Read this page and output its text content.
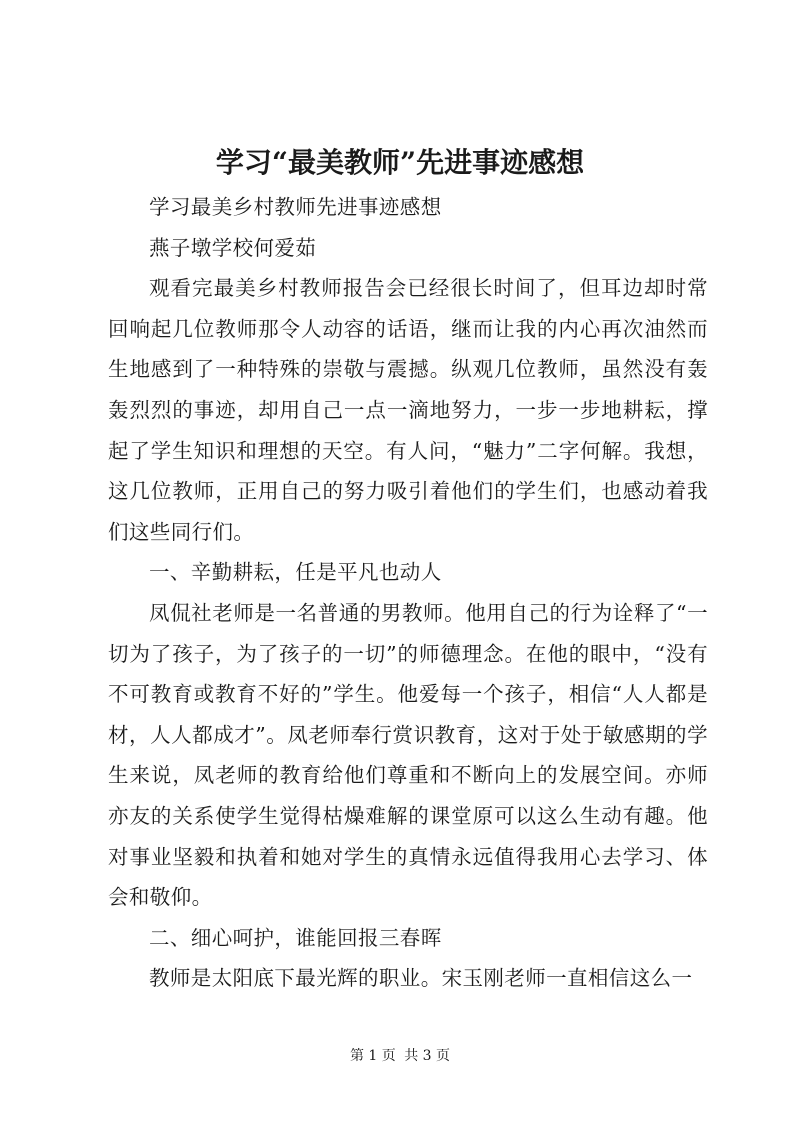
学习“最美教师”先进事迹感想

学习最美乡村教师先进事迹感想

燕子墩学校何爱茹

观看完最美乡村教师报告会已经很长时间了，但耳边却时常回响起几位教师那令人动容的话语，继而让我的内心再次油然而生地感到了一种特殊的崇敬与震撼。纵观几位教师，虽然没有轰轰烈烈的事迹，却用自己一点一滴地努力，一步一步地耕耘，撑起了学生知识和理想的天空。有人问，“魅力”二字何解。我想，这几位教师，正用自己的努力吸引着他们的学生们，也感动着我们这些同行们。

一、辛勤耕耘，任是平凡也动人

凤侃社老师是一名普通的男教师。他用自己的行为诠释了“一切为了孩子，为了孩子的一切”的师德理念。在他的眼中，“没有不可教育或教育不好的”学生。他爱每一个孩子，相信“人人都是材，人人都成才”。凤老师奉行赏识教育，这对于处于敏感期的学生来说，凤老师的教育给他们尊重和不断向上的发展空间。亦师亦友的关系使学生觉得枯燥难解的课堂原可以这么生动有趣。他对事业坚毅和执着和她对学生的真情永远值得我用心去学习、体会和敬仰。

二、细心呵护，谁能回报三春晖

教师是太阳底下最光辉的职业。宋玉刚老师一直相信这么一

第 1 页 共 3 页
